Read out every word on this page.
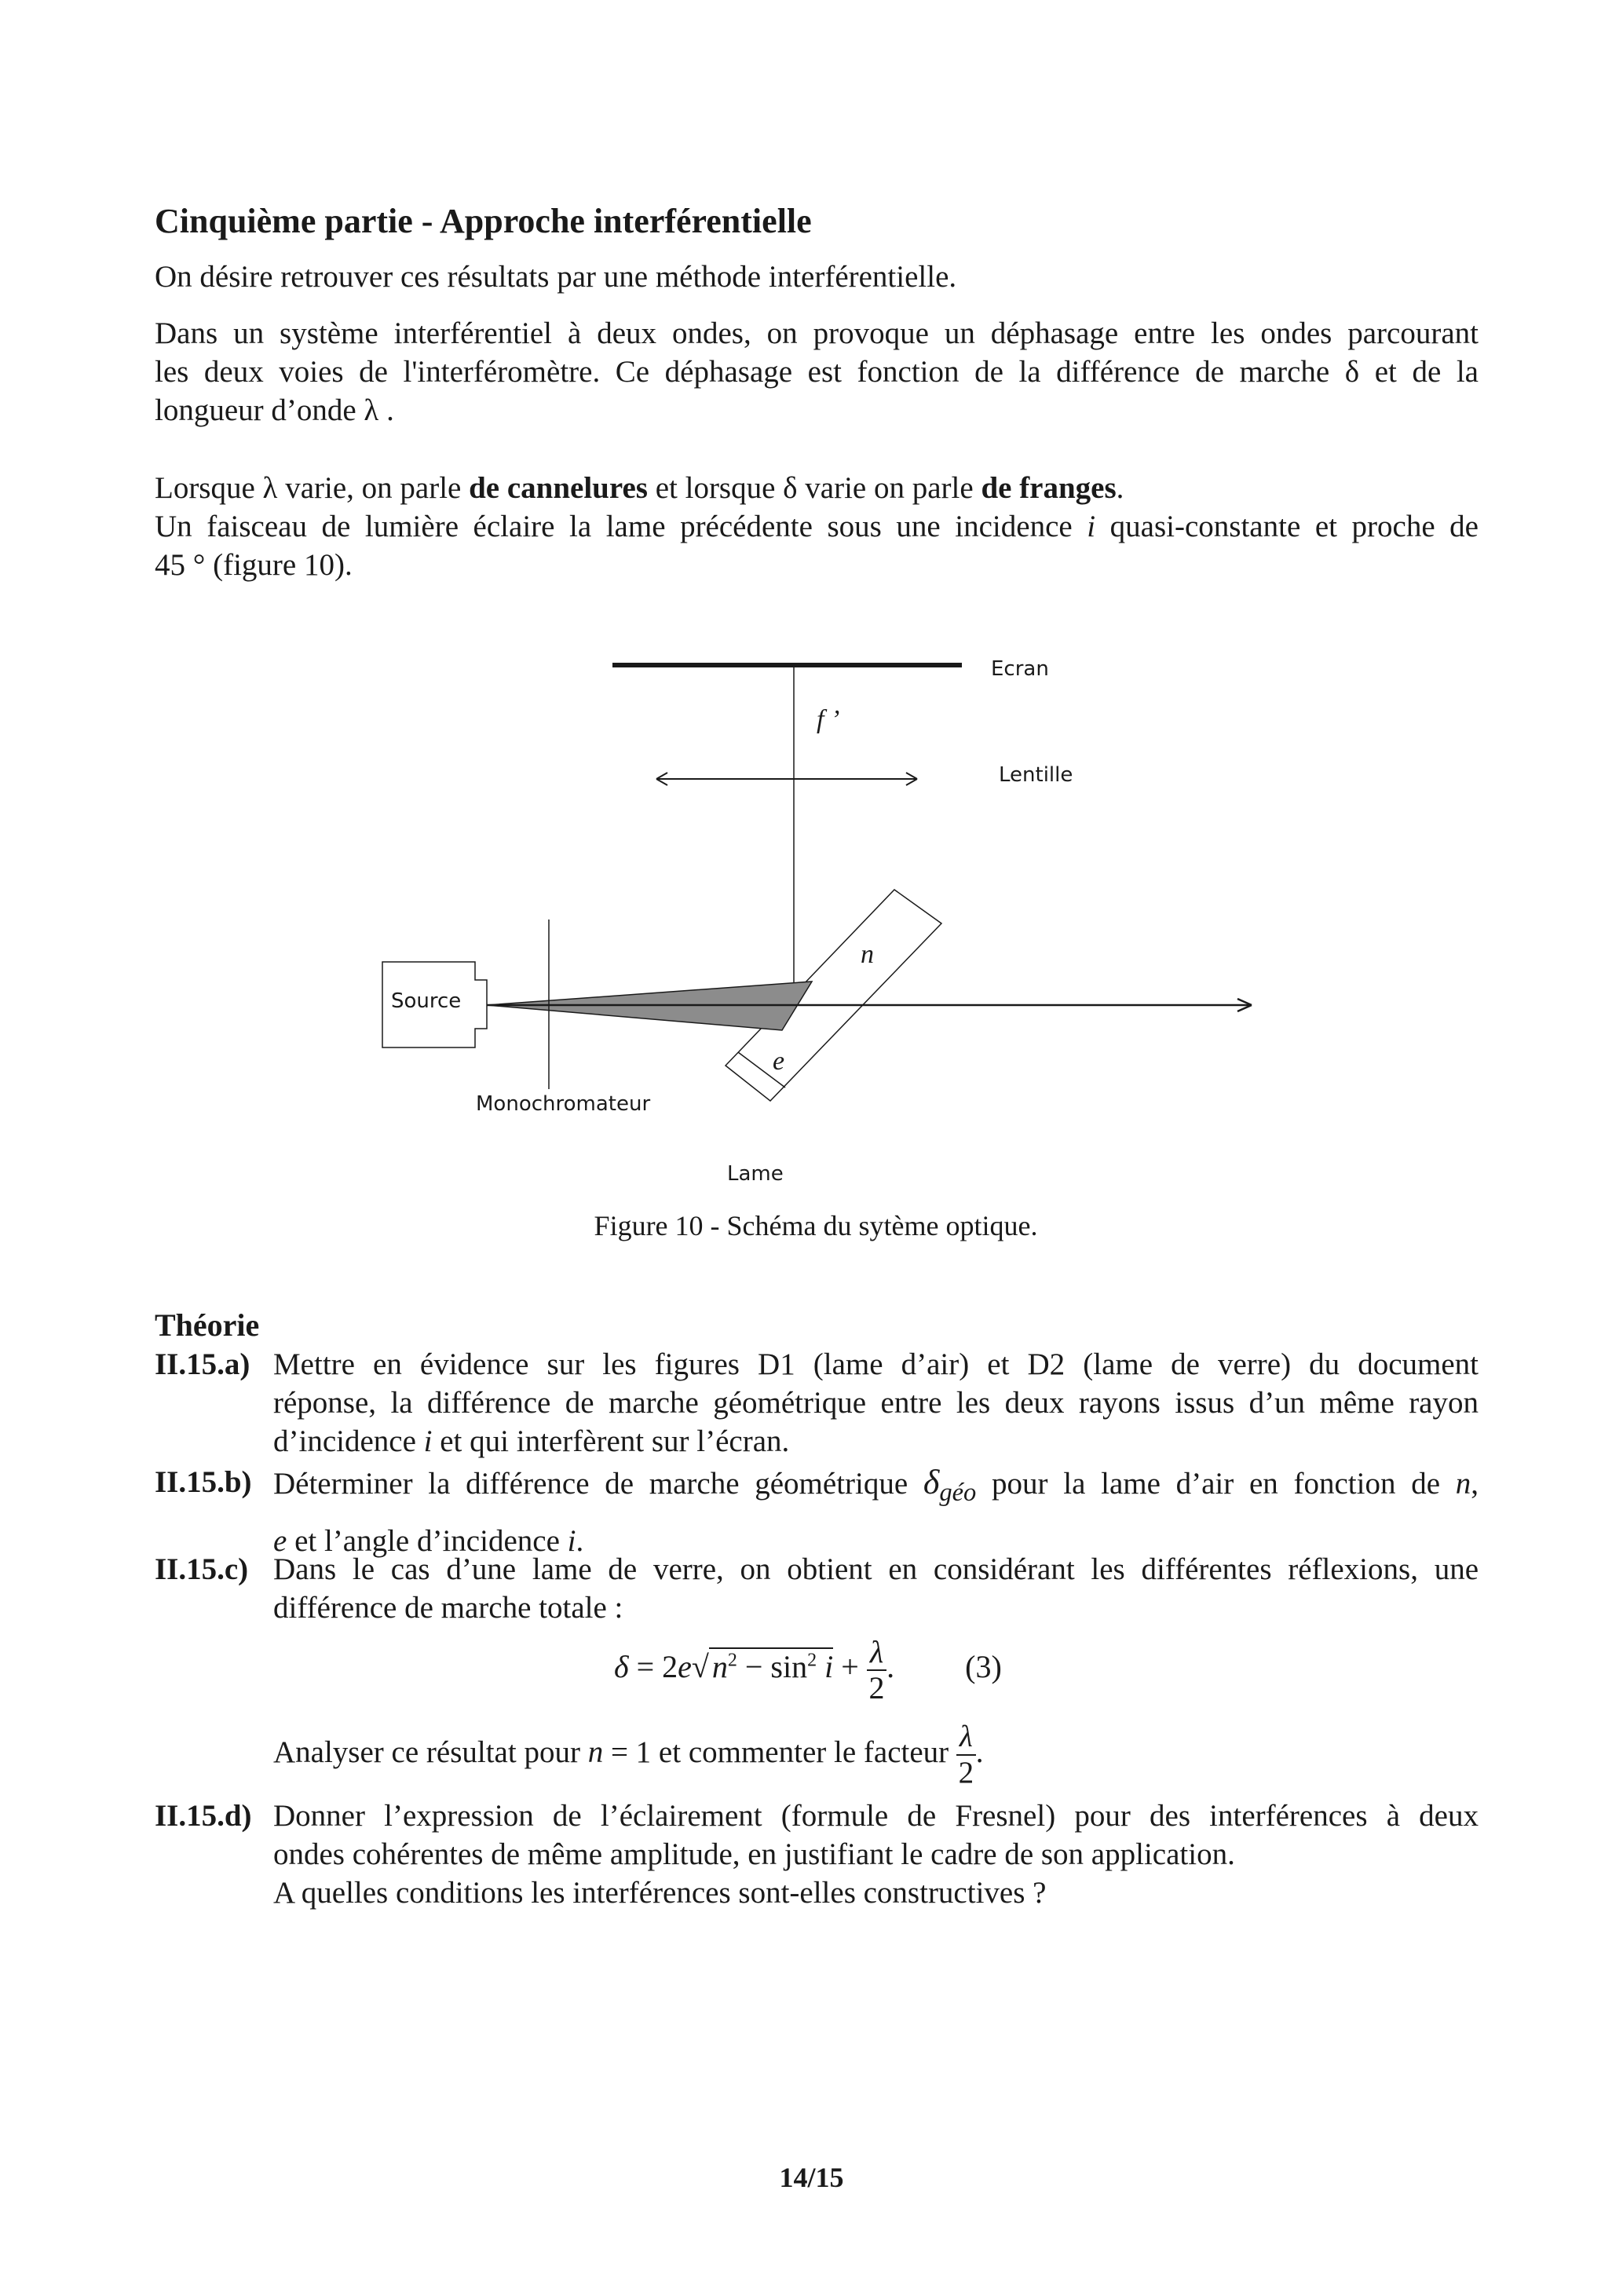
Cinquième partie - Approche interférentielle
On désire retrouver ces résultats par une méthode interférentielle.
Dans un système interférentiel à deux ondes, on provoque un déphasage entre les ondes parcourant
les deux voies de l'interféromètre. Ce déphasage est fonction de la différence de marche δ et de la
longueur d’onde λ .
Lorsque λ varie, on parle de cannelures et lorsque δ varie on parle de franges.
Un faisceau de lumière éclaire la lame précédente sous une incidence i quasi-constante et proche de
45 ° (figure 10).
Ecran
f ’
Lentille
n
e
Source
Monochromateur
Lame
Figure 10 - Schéma du sytème optique.
Théorie
II.15.a) Mettre en évidence sur les figures D1 (lame d’air) et D2 (lame de verre) du document
réponse, la différence de marche géométrique entre les deux rayons issus d’un même rayon
d’incidence i et qui interfèrent sur l’écran.
II.15.b) Déterminer la différence de marche géométrique $\delta_{géo}$ pour la lame d’air en fonction de n,
e et l’angle d’incidence i.
II.15.c) Dans le cas d’une lame de verre, on obtient en considérant les différentes réflexions, une
différence de marche totale :
δ = 2e√ $n^2 - \sin^2 i + \frac{\lambda}{2}$ . (3)
Analyser ce résultat pour n = 1 et commenter le facteur $\frac{\lambda}{2}$ .
II.15.d) Donner l’expression de l’éclairement (formule de Fresnel) pour des interférences à deux
ondes cohérentes de même amplitude, en justifiant le cadre de son application.
A quelles conditions les interférences sont-elles constructives ?
14/15
